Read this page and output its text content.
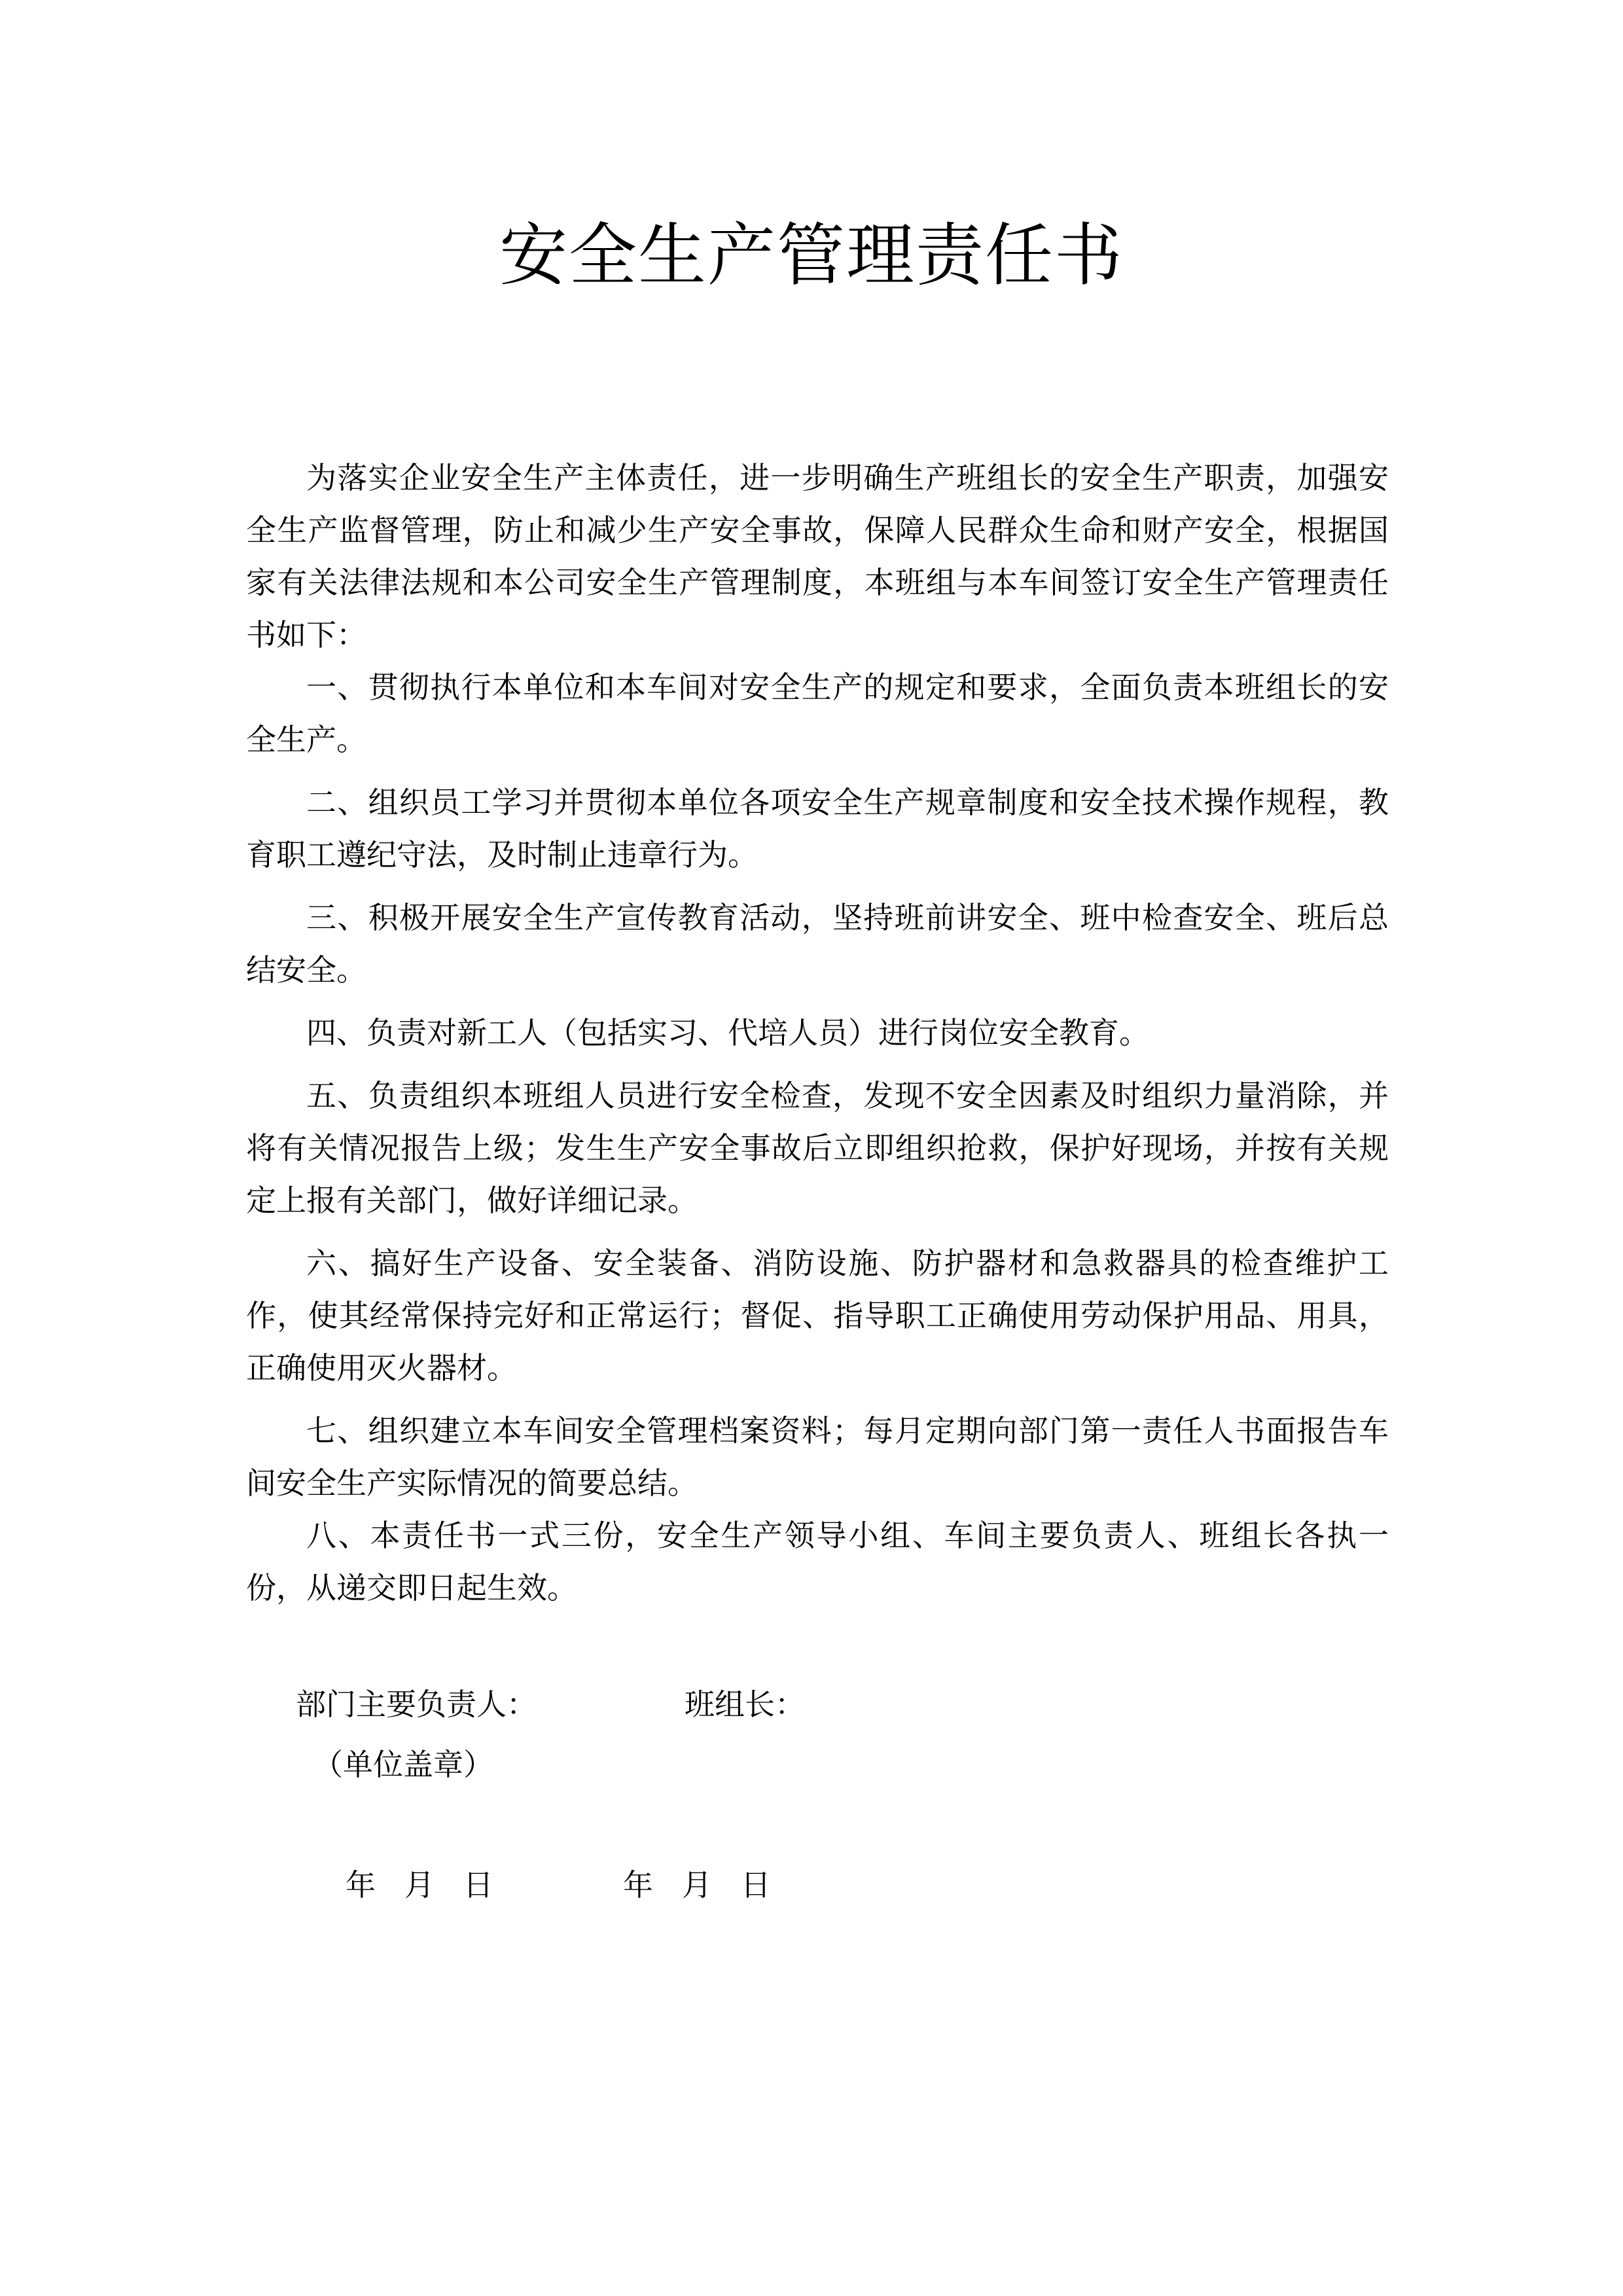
安全生产管理责任书

为落实企业安全生产主体责任，进一步明确生产班组长的安全生产职责，加强安全生产监督管理，防止和减少生产安全事故，保障人民群众生命和财产安全，根据国家有关法律法规和本公司安全生产管理制度，本班组与本车间签订安全生产管理责任书如下：

一、贯彻执行本单位和本车间对安全生产的规定和要求，全面负责本班组长的安全生产。

二、组织员工学习并贯彻本单位各项安全生产规章制度和安全技术操作规程，教育职工遵纪守法，及时制止违章行为。

三、积极开展安全生产宣传教育活动，坚持班前讲安全、班中检查安全、班后总结安全。

四、负责对新工人（包括实习、代培人员）进行岗位安全教育。

五、负责组织本班组人员进行安全检查，发现不安全因素及时组织力量消除，并将有关情况报告上级；发生生产安全事故后立即组织抢救，保护好现场，并按有关规定上报有关部门，做好详细记录。

六、搞好生产设备、安全装备、消防设施、防护器材和急救器具的检查维护工作，使其经常保持完好和正常运行；督促、指导职工正确使用劳动保护用品、用具，正确使用灭火器材。

七、组织建立本车间安全管理档案资料；每月定期向部门第一责任人书面报告车间安全生产实际情况的简要总结。

八、本责任书一式三份，安全生产领导小组、车间主要负责人、班组长各执一份，从递交即日起生效。

部门主要负责人：	班组长：
（单位盖章）
年   月   日	年   月   日
